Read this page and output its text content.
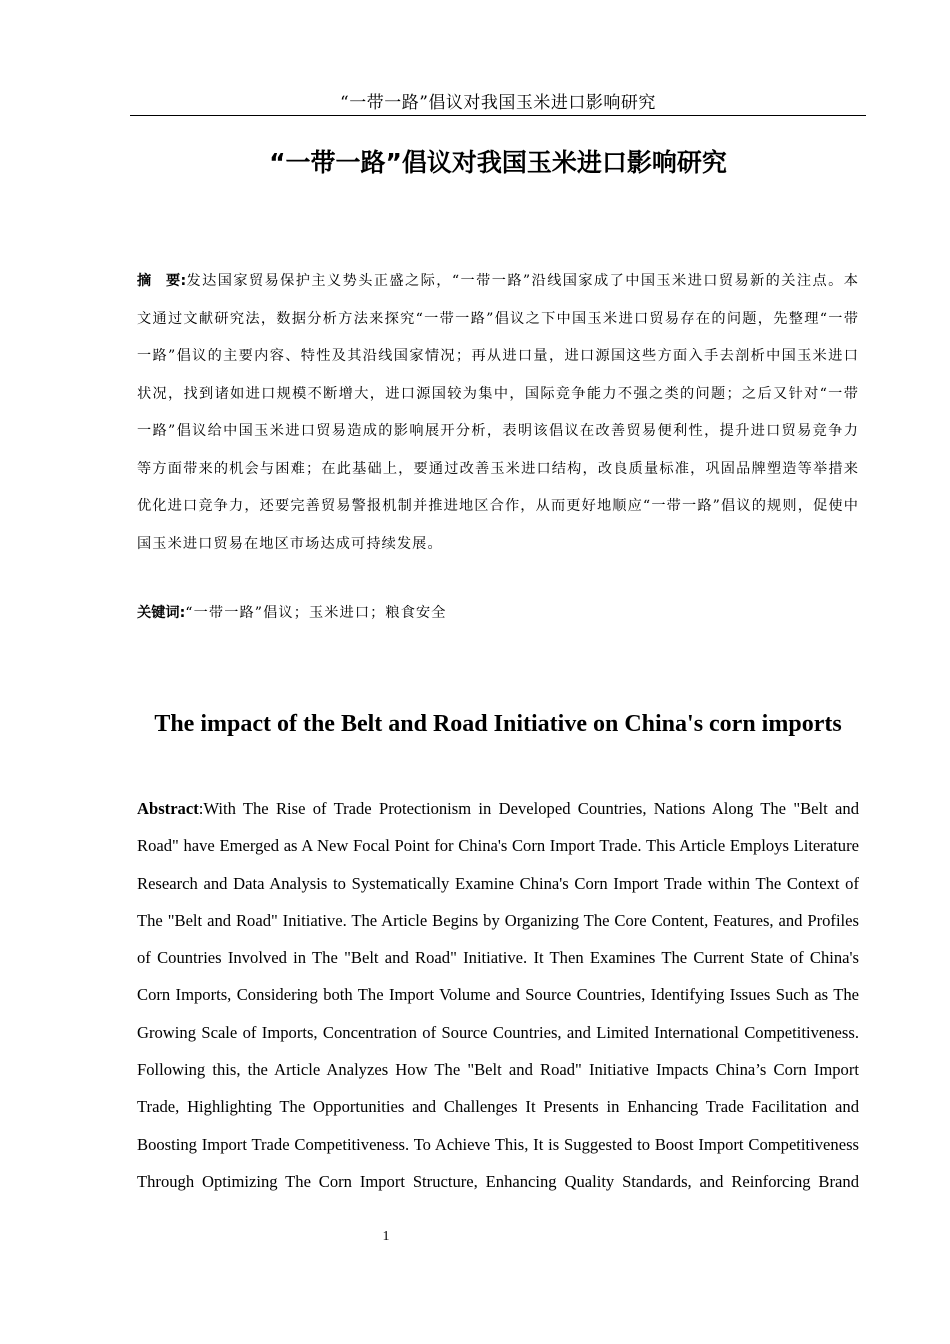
“一带一路”倡议对我国玉米进口影响研究
“一带一路”倡议对我国玉米进口影响研究
摘　要:发达国家贸易保护主义势头正盛之际，“一带一路”沿线国家成了中国玉米进口贸易新的关注点。本文通过文献研究法，数据分析方法来探究“一带一路”倡议之下中国玉米进口贸易存在的问题，先整理“一带一路”倡议的主要内容、特性及其沿线国家情况；再从进口量，进口源国这些方面入手去剖析中国玉米进口状况，找到诸如进口规模不断增大，进口源国较为集中，国际竞争能力不强之类的问题；之后又针对“一带一路”倡议给中国玉米进口贸易造成的影响展开分析，表明该倡议在改善贸易便利性，提升进口贸易竞争力等方面带来的机会与困难；在此基础上，要通过改善玉米进口结构，改良质量标准，巩固品牌塑造等举措来优化进口竞争力，还要完善贸易警报机制并推进地区合作，从而更好地顺应“一带一路”倡议的规则，促使中国玉米进口贸易在地区市场达成可持续发展。
关键词:“一带一路”倡议；玉米进口；粮食安全
The impact of the Belt and Road Initiative on China's corn imports
Abstract:With The Rise of Trade Protectionism in Developed Countries, Nations Along The "Belt and Road" have Emerged as A New Focal Point for China's Corn Import Trade. This Article Employs Literature Research and Data Analysis to Systematically Examine China's Corn Import Trade within The Context of The "Belt and Road" Initiative. The Article Begins by Organizing The Core Content, Features, and Profiles of Countries Involved in The "Belt and Road" Initiative. It Then Examines The Current State of China's Corn Imports, Considering both The Import Volume and Source Countries, Identifying Issues Such as The Growing Scale of Imports, Concentration of Source Countries, and Limited International Competitiveness. Following this, the Article Analyzes How The "Belt and Road" Initiative Impacts China’s Corn Import Trade, Highlighting The Opportunities and Challenges It Presents in Enhancing Trade Facilitation and Boosting Import Trade Competitiveness. To Achieve This, It is Suggested to Boost Import Competitiveness Through Optimizing The Corn Import Structure, Enhancing Quality Standards, and Reinforcing Brand
1
